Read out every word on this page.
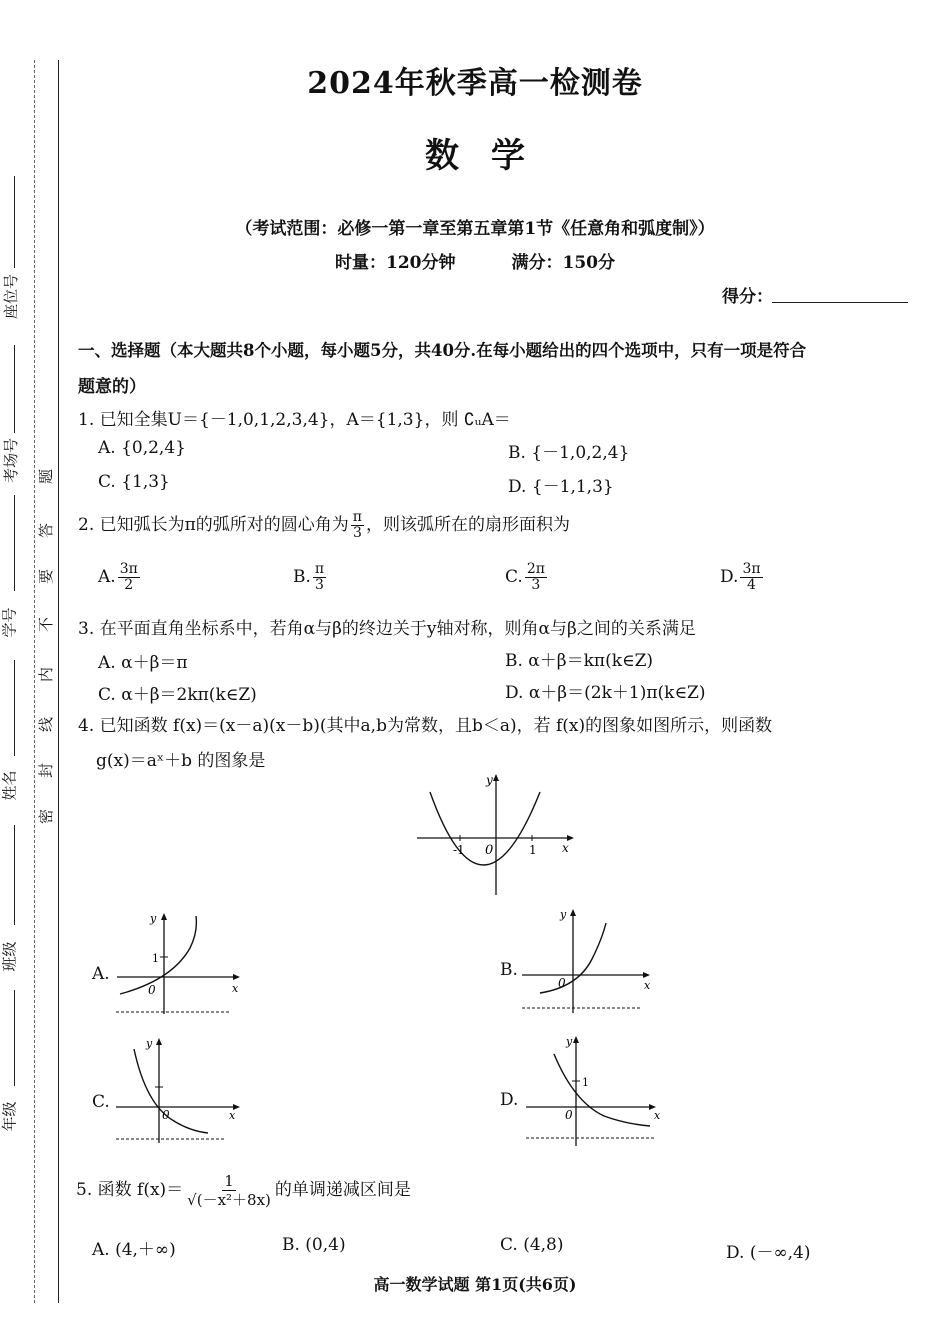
座位号
考场号
学号
姓名
班级
年级
密
封
线
内
不
要
答
题
2024年秋季高一检测卷
数 学
（考试范围：必修一第一章至第五章第1节《任意角和弧度制》）
时量：120分钟	满分：150分
得分：
一、选择题（本大题共8个小题，每小题5分，共40分.在每小题给出的四个选项中，只有一项是符合
题意的）
1. 已知全集U＝{－1,0,1,2,3,4}，A＝{1,3}，则 ∁ᵤA＝
A. {0,2,4}	B. {－1,0,2,4}
C. {1,3}	D. {－1,1,3}
2. 已知弧长为π的弧所对的圆心角为 $\frac{\pi}{3}$ ，则该弧所在的扇形面积为
A. $\frac{3\pi}{2}$	B. $\frac{\pi}{3}$	C. $\frac{2\pi}{3}$	D. $\frac{3\pi}{4}$
3. 在平面直角坐标系中，若角α与β的终边关于y轴对称，则角α与β之间的关系满足
A. α＋β＝π	B. α＋β＝kπ(k∈Z)
C. α＋β＝2kπ(k∈Z)	D. α＋β＝(2k＋1)π(k∈Z)
4. 已知函数 f(x)＝(x－a)(x－b)(其中a,b为常数，且b＜a)，若 f(x)的图象如图所示，则函数
g(x)＝aˣ＋b 的图象是
y
x
0
-1	1
A.
y
x
0
1
B.
y
x
0
C.
y
x
0
D.
y
x
0
1
5. 函数 $f(x)= \frac{1}{\text{√(－x²＋8x)}}$ 的单调递减区间是
A. (4,＋∞)	B. (0,4)	C. (4,8)	D. (－∞,4)
高一数学试题 第1页(共6页)
